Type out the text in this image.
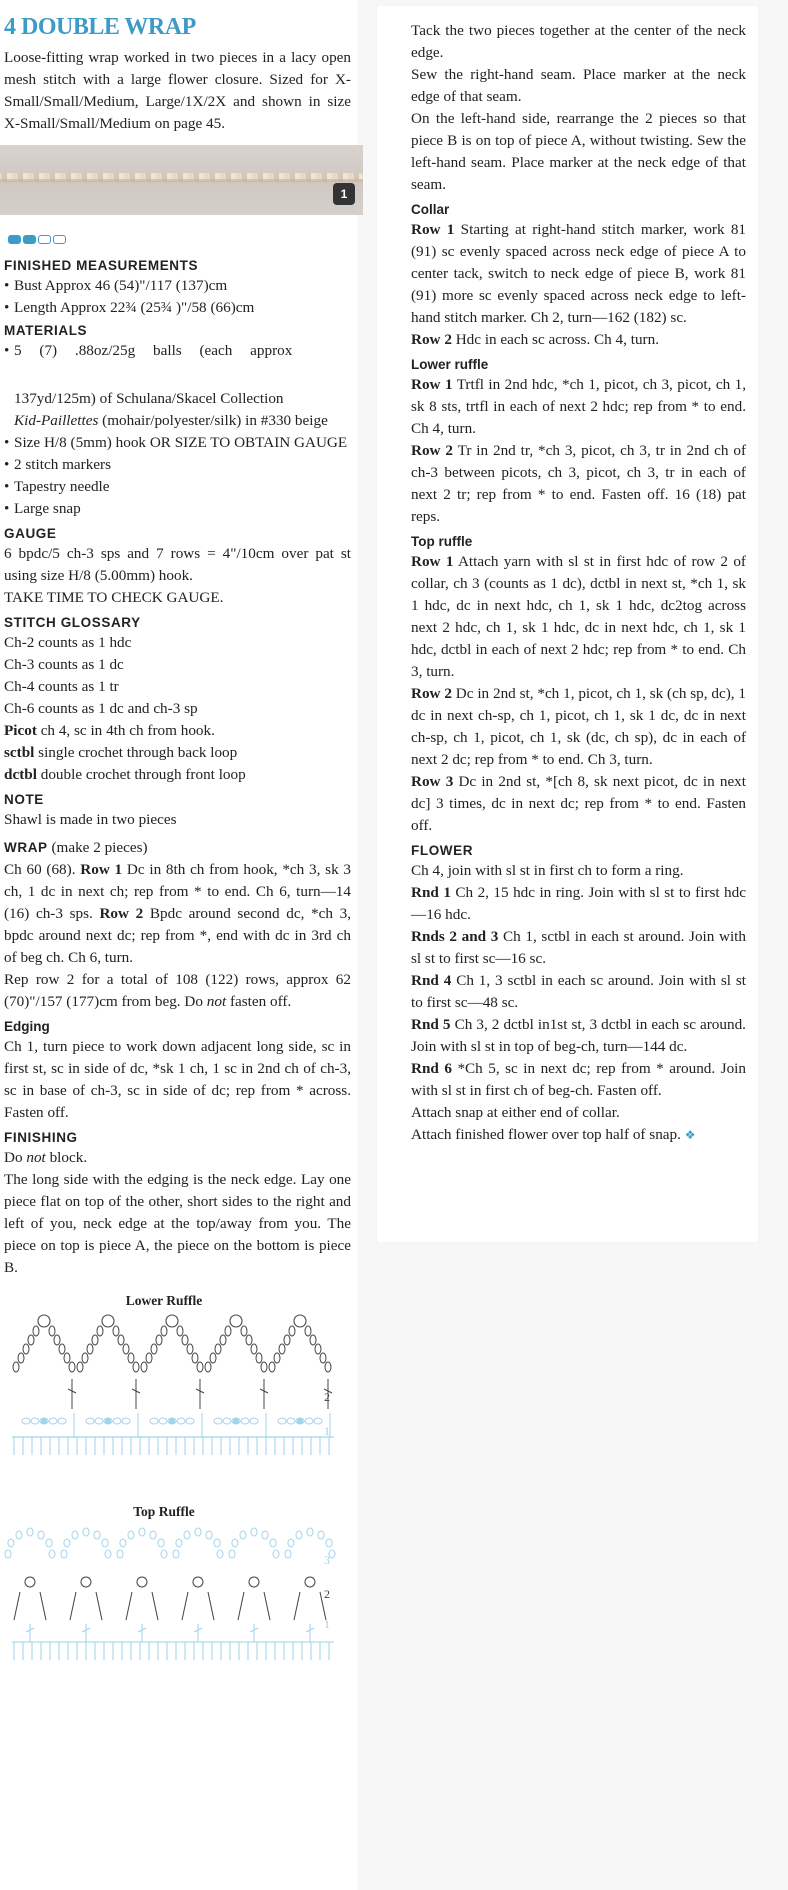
4 DOUBLE WRAP

Loose-fitting wrap worked in two pieces in a lacy open mesh stitch with a large flower closure. Sized for X-Small/Small/Medium, Large/1X/2X and shown in size X-Small/Small/Medium on page 45.

1
FINISHED MEASUREMENTS
• Bust Approx 46 (54)"/117 (137)cm
• Length Approx 22¾ (25¾ )"/58 (66)cm
MATERIALS
• 5 (7) .88oz/25g balls (each approx
137yd/125m) of Schulana/Skacel Collection
Kid-Paillettes (mohair/polyester/silk) in #330 beige
• Size H/8 (5mm) hook OR SIZE TO OBTAIN GAUGE
• 2 stitch markers
• Tapestry needle
• Large snap
GAUGE

6 bpdc/5 ch-3 sps and 7 rows = 4"/10cm over pat st using size H/8 (5.00mm) hook.

TAKE TIME TO CHECK GAUGE.

STITCH GLOSSARY
Ch-2 counts as 1 hdc
Ch-3 counts as 1 dc
Ch-4 counts as 1 tr
Ch-6 counts as 1 dc and ch-3 sp
Picot ch 4, sc in 4th ch from hook.
sctbl single crochet through back loop
dctbl double crochet through front loop
NOTE

Shawl is made in two pieces

WRAP (make 2 pieces)

Ch 60 (68). Row 1 Dc in 8th ch from hook, *ch 3, sk 3 ch, 1 dc in next ch; rep from * to end. Ch 6, turn—14 (16) ch-3 sps. Row 2 Bpdc around second dc, *ch 3, bpdc around next dc; rep from *, end with dc in 3rd ch of beg ch. Ch 6, turn.

Rep row 2 for a total of 108 (122) rows, approx 62 (70)"/157 (177)cm from beg. Do not fasten off.

Edging

Ch 1, turn piece to work down adjacent long side, sc in first st, sc in side of dc, *sk 1 ch, 1 sc in 2nd ch of ch-3, sc in base of ch-3, sc in side of dc; rep from * across. Fasten off.

FINISHING

Do not block.

The long side with the edging is the neck edge. Lay one piece flat on top of the other, short sides to the right and left of you, neck edge at the top/away from you. The piece on top is piece A, the piece on the bottom is piece B.

Lower Ruffle
2
1
Top Ruffle
3
2
1

Tack the two pieces together at the center of the neck edge.

Sew the right-hand seam. Place marker at the neck edge of that seam.

On the left-hand side, rearrange the 2 pieces so that piece B is on top of piece A, without twisting. Sew the left-hand seam. Place marker at the neck edge of that seam.

Collar

Row 1 Starting at right-hand stitch marker, work 81 (91) sc evenly spaced across neck edge of piece A to center tack, switch to neck edge of piece B, work 81 (91) more sc evenly spaced across neck edge to left-hand stitch marker. Ch 2, turn—162 (182) sc.

Row 2 Hdc in each sc across. Ch 4, turn.

Lower ruffle

Row 1 Trtfl in 2nd hdc, *ch 1, picot, ch 3, picot, ch 1, sk 8 sts, trtfl in each of next 2 hdc; rep from * to end. Ch 4, turn.

Row 2 Tr in 2nd tr, *ch 3, picot, ch 3, tr in 2nd ch of ch-3 between picots, ch 3, picot, ch 3, tr in each of next 2 tr; rep from * to end. Fasten off. 16 (18) pat reps.

Top ruffle

Row 1 Attach yarn with sl st in first hdc of row 2 of collar, ch 3 (counts as 1 dc), dctbl in next st, *ch 1, sk 1 hdc, dc in next hdc, ch 1, sk 1 hdc, dc2tog across next 2 hdc, ch 1, sk 1 hdc, dc in next hdc, ch 1, sk 1 hdc, dctbl in each of next 2 hdc; rep from * to end. Ch 3, turn.

Row 2 Dc in 2nd st, *ch 1, picot, ch 1, sk (ch sp, dc), 1 dc in next ch-sp, ch 1, picot, ch 1, sk 1 dc, dc in next ch-sp, ch 1, picot, ch 1, sk (dc, ch sp), dc in each of next 2 dc; rep from * to end. Ch 3, turn.

Row 3 Dc in 2nd st, *[ch 8, sk next picot, dc in next dc] 3 times, dc in next dc; rep from * to end. Fasten off.

FLOWER

Ch 4, join with sl st in first ch to form a ring.

Rnd 1 Ch 2, 15 hdc in ring. Join with sl st to first hdc—16 hdc.

Rnds 2 and 3 Ch 1, sctbl in each st around. Join with sl st to first sc—16 sc.

Rnd 4 Ch 1, 3 sctbl in each sc around. Join with sl st to first sc—48 sc.

Rnd 5 Ch 3, 2 dctbl in1st st, 3 dctbl in each sc around. Join with sl st in top of beg-ch, turn—144 dc.

Rnd 6 *Ch 5, sc in next dc; rep from * around. Join with sl st in first ch of beg-ch. Fasten off.

Attach snap at either end of collar.

Attach finished flower over top half of snap. ❖
